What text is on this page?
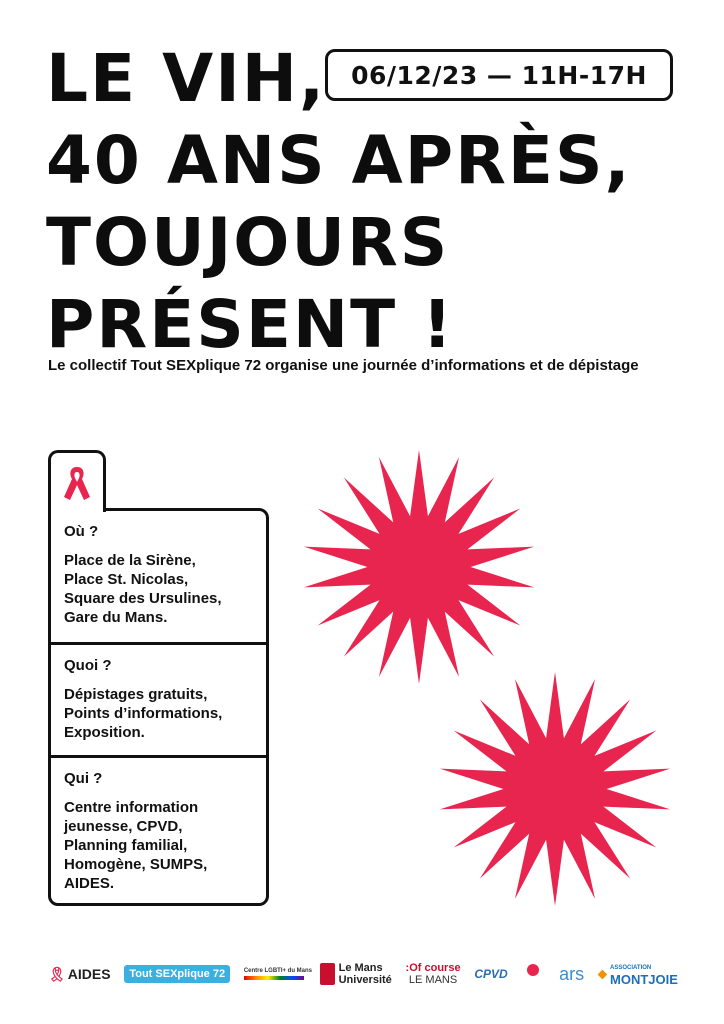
LE VIH,
40 ANS APRÈS,
TOUJOURS
PRÉSENT !
06/12/23 — 11H-17H

Le collectif Tout SEXplique 72 organise une journée d’informations et de dépistage

Où ?

Place de la Sirène,
Place St. Nicolas,
Square des Ursulines,
Gare du Mans.

Quoi ?

Dépistages gratuits,
Points d’informations,
Exposition.

Qui ?

Centre information
jeunesse, CPVD,
Planning familial,
Homogène, SUMPS,
AIDES.
🎗 AIDES Tout SEXplique 72	Centre LGBTI+ du Mans Le Mans
Université
:Of course
LE MANS CPVD	ars ⬥ ASSOCIATION
MONTJOIE
